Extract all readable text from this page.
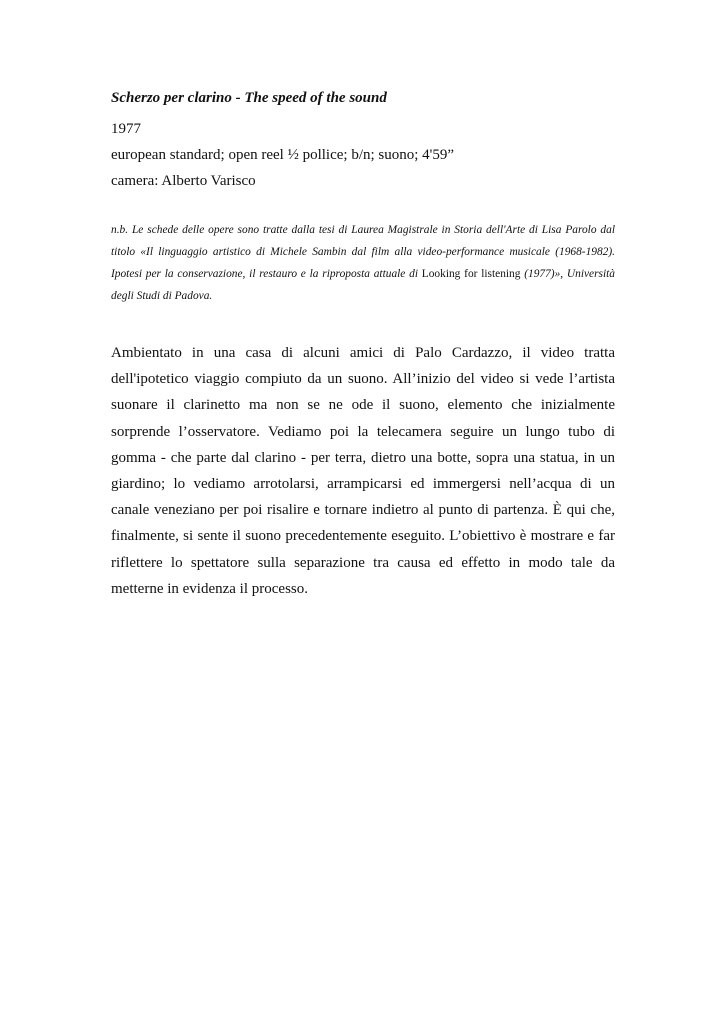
Scherzo per clarino - The speed of the sound
1977
european standard; open reel ½ pollice; b/n; suono; 4'59”
camera: Alberto Varisco

n.b. Le schede delle opere sono tratte dalla tesi di Laurea Magistrale in Storia dell'Arte di Lisa Parolo dal titolo «Il linguaggio artistico di Michele Sambin dal film alla video-performance musicale (1968-1982). Ipotesi per la conservazione, il restauro e la riproposta attuale di Looking for listening (1977)», Università degli Studi di Padova.

Ambientato in una casa di alcuni amici di Palo Cardazzo, il video tratta dell'ipotetico viaggio compiuto da un suono. All’inizio del video si vede l’artista suonare il clarinetto ma non se ne ode il suono, elemento che inizialmente sorprende l’osservatore. Vediamo poi la telecamera seguire un lungo tubo di gomma - che parte dal clarino - per terra, dietro una botte, sopra una statua, in un giardino; lo vediamo arrotolarsi, arrampicarsi ed immergersi nell’acqua di un canale veneziano per poi risalire e tornare indietro al punto di partenza. È qui che, finalmente, si sente il suono precedentemente eseguito. L’obiettivo è mostrare e far riflettere lo spettatore sulla separazione tra causa ed effetto in modo tale da metterne in evidenza il processo.
